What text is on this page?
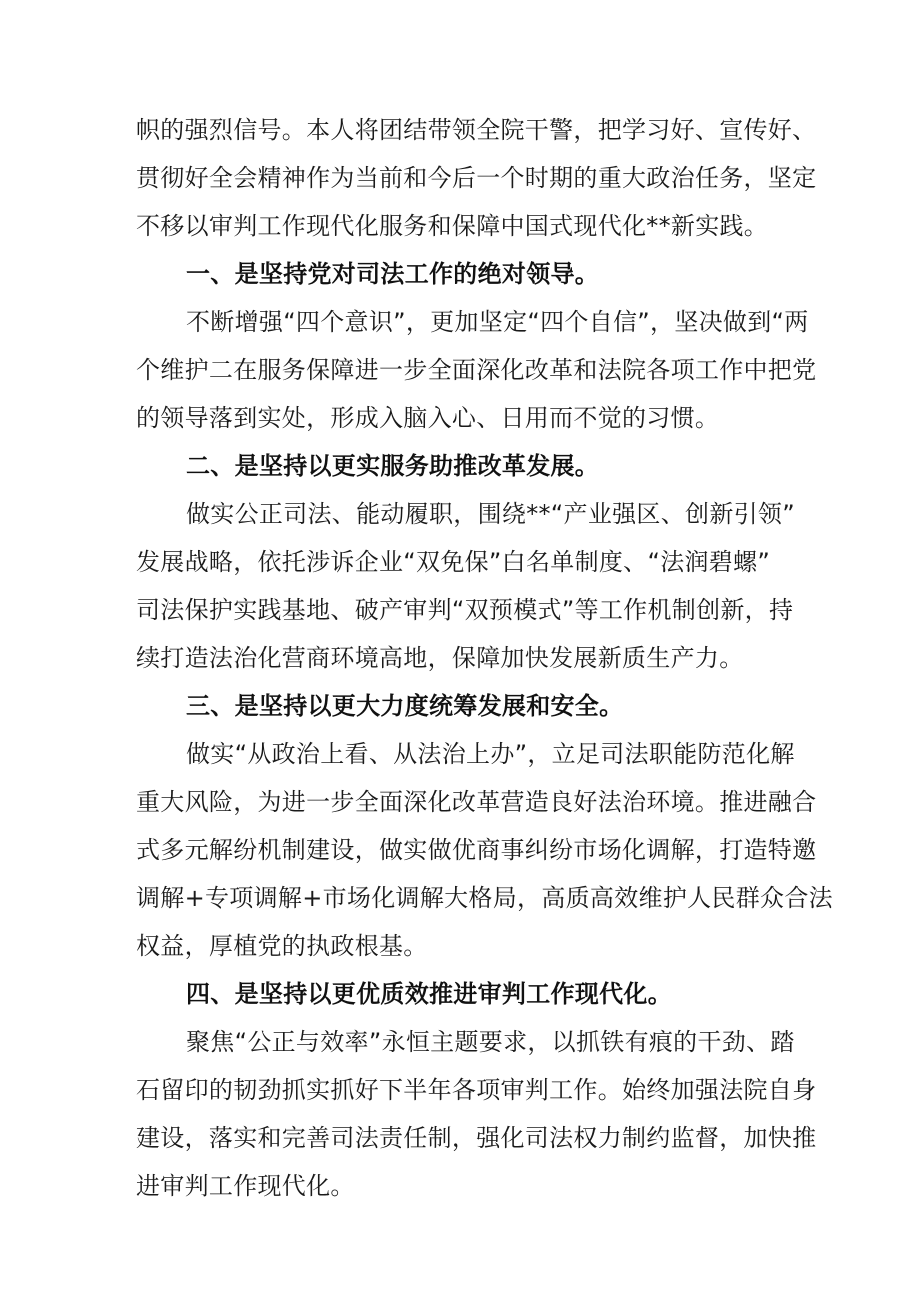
帜的强烈信号。本人将团结带领全院干警，把学习好、宣传好、
贯彻好全会精神作为当前和今后一个时期的重大政治任务，坚定
不移以审判工作现代化服务和保障中国式现代化**新实践。
一、是坚持党对司法工作的绝对领导。
不断增强“四个意识”，更加坚定“四个自信”，坚决做到“两
个维护二在服务保障进一步全面深化改革和法院各项工作中把党
的领导落到实处，形成入脑入心、日用而不觉的习惯。
二、是坚持以更实服务助推改革发展。
做实公正司法、能动履职，围绕**“产业强区、创新引领”
发展战略，依托涉诉企业“双免保”白名单制度、“法润碧螺”
司法保护实践基地、破产审判“双预模式”等工作机制创新，持
续打造法治化营商环境高地，保障加快发展新质生产力。
三、是坚持以更大力度统筹发展和安全。
做实“从政治上看、从法治上办”，立足司法职能防范化解
重大风险，为进一步全面深化改革营造良好法治环境。推进融合
式多元解纷机制建设，做实做优商事纠纷市场化调解，打造特邀
调解+专项调解+市场化调解大格局，高质高效维护人民群众合法
权益，厚植党的执政根基。
四、是坚持以更优质效推进审判工作现代化。
聚焦“公正与效率”永恒主题要求，以抓铁有痕的干劲、踏
石留印的韧劲抓实抓好下半年各项审判工作。始终加强法院自身
建设，落实和完善司法责任制，强化司法权力制约监督，加快推
进审判工作现代化。
